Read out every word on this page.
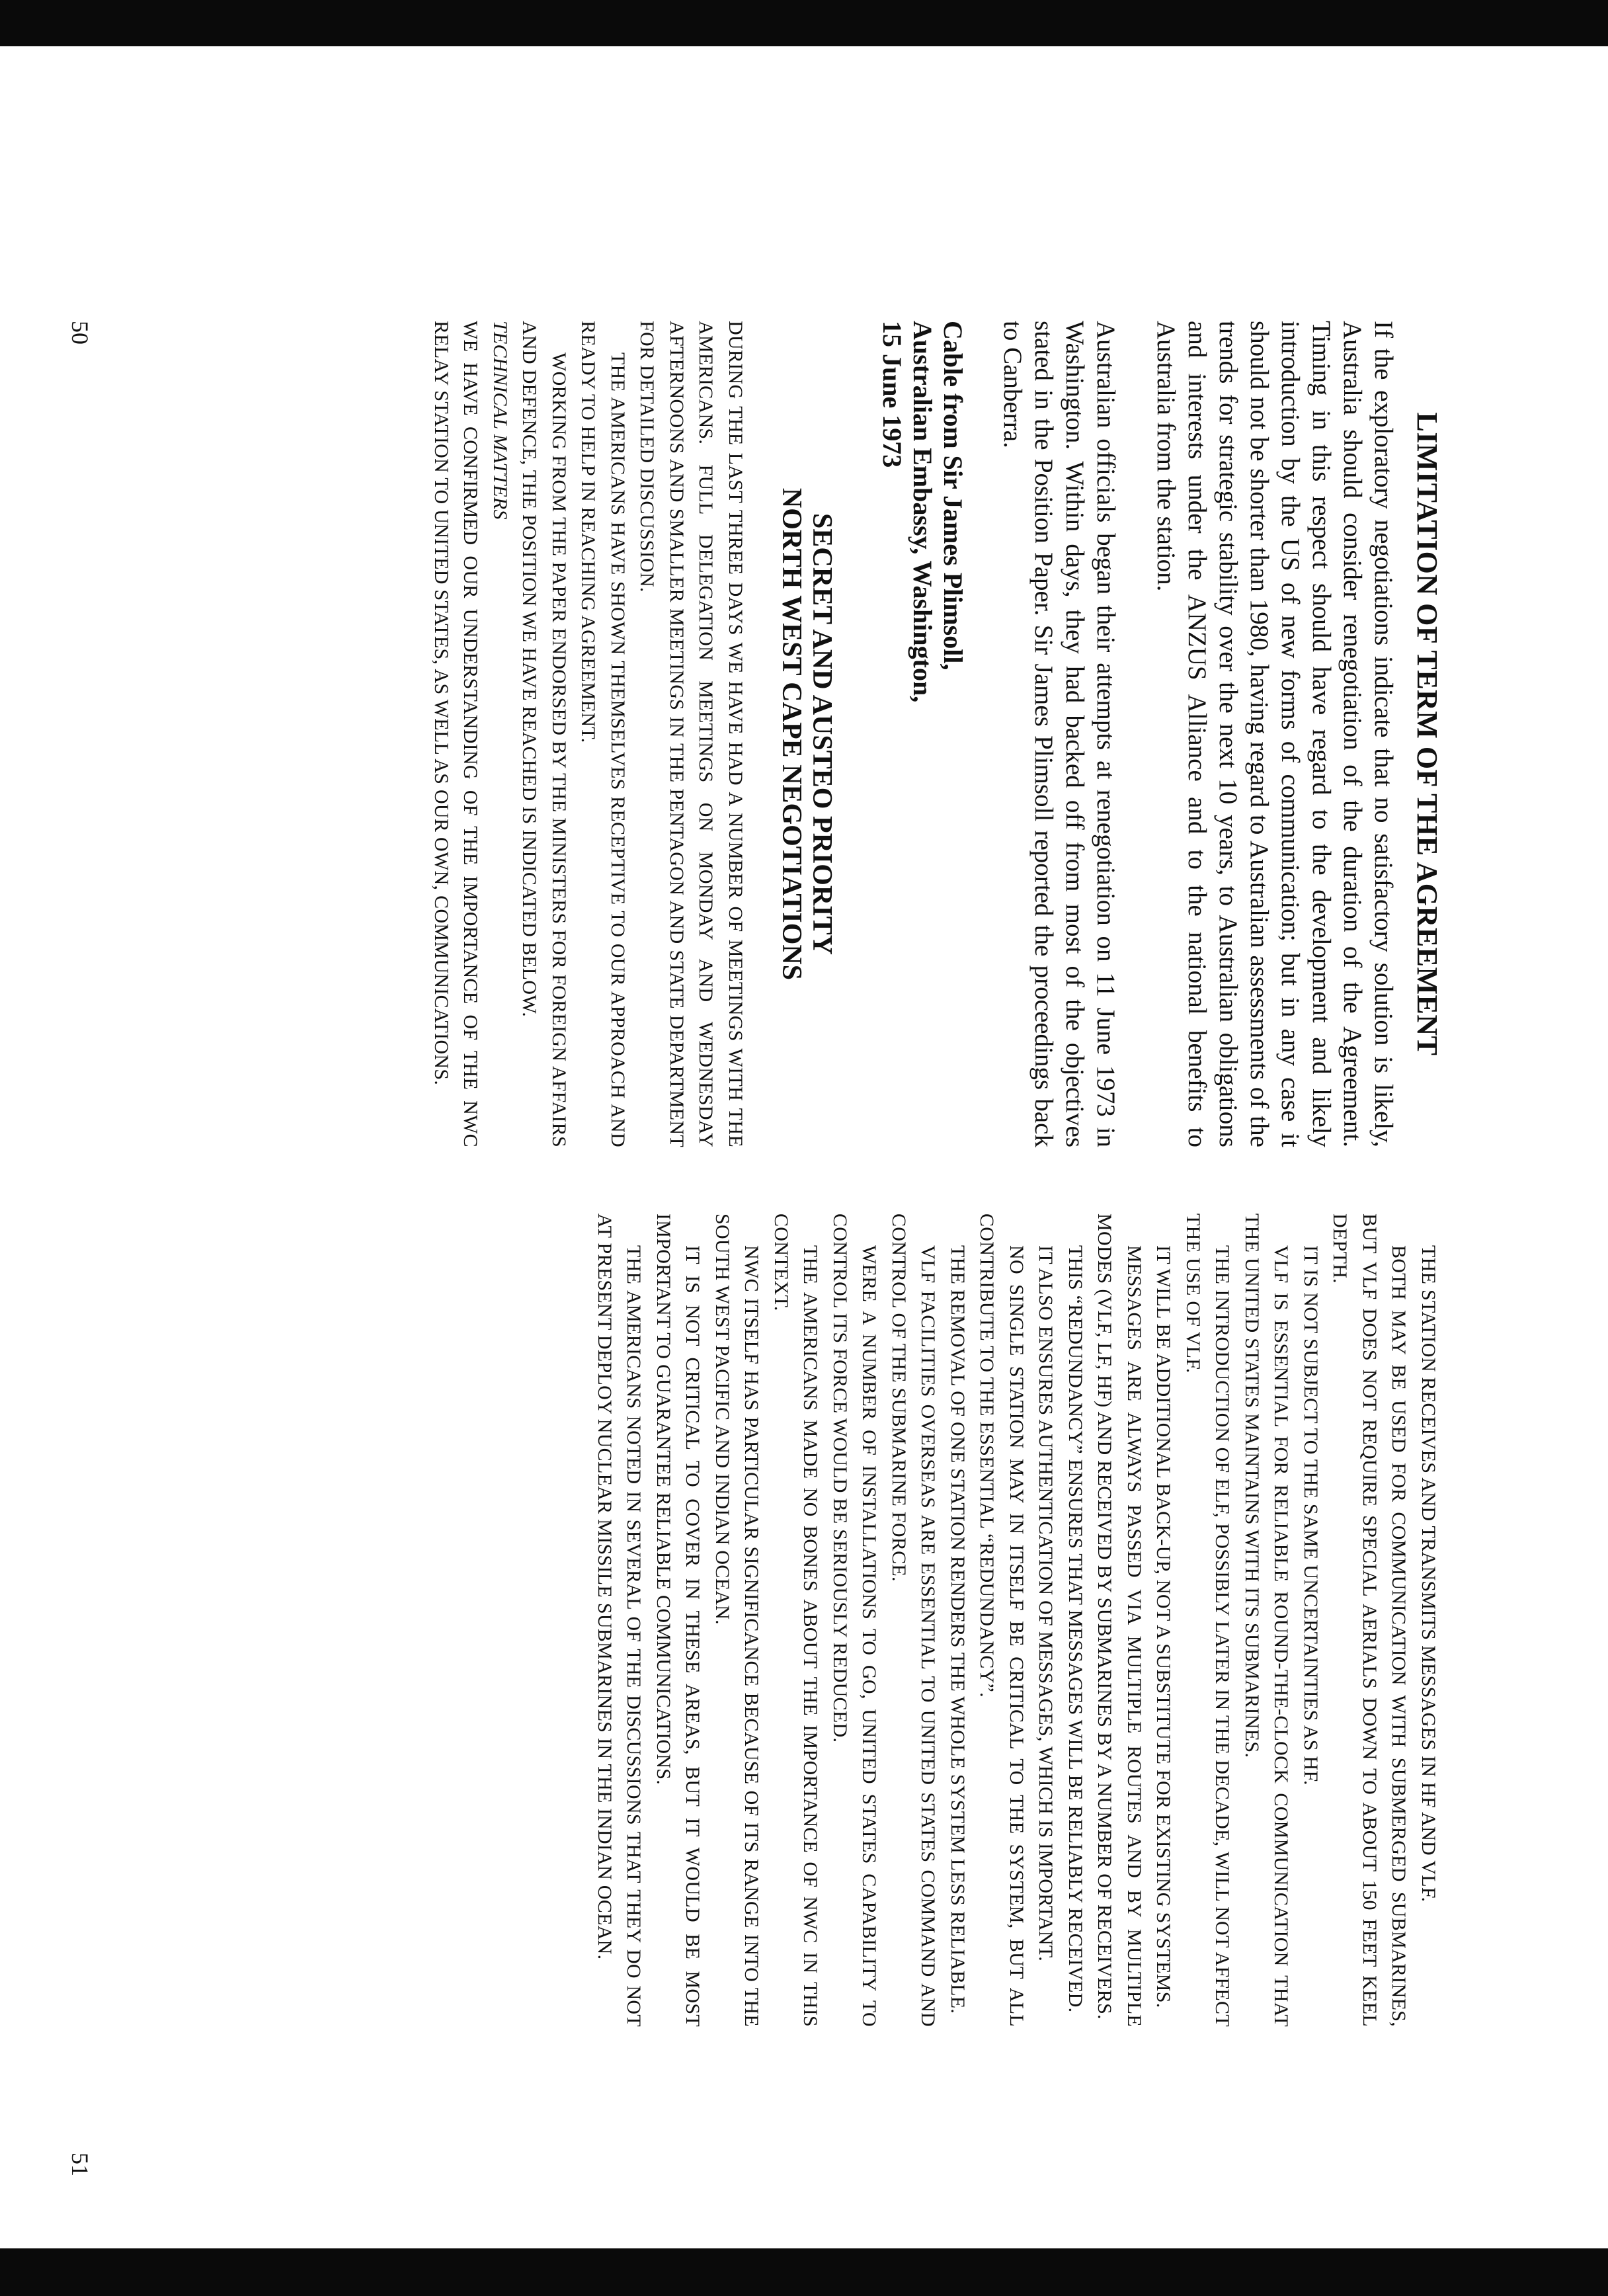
LIMITATION OF TERM OF THE AGREEMENT

If the exploratory negotiations indicate that no satisfactory solution is likely, Australia should consider renegotiation of the duration of the Agreement. Timing in this respect should have regard to the development and likely introduction by the US of new forms of communication; but in any case it should not be shorter than 1980, having regard to Australian assessments of the trends for strategic stability over the next 10 years, to Australian obligations and interests under the ANZUS Alliance and to the national benefits to Australia from the station.

Australian officials began their attempts at renegotiation on 11 June 1973 in Washington. Within days, they had backed off from most of the objectives stated in the Position Paper. Sir James Plimsoll reported the proceedings back to Canberra.

Cable from Sir James Plimsoll,
Australian Embassy, Washington,
15 June 1973
SECRET AND AUSTEO PRIORITY
NORTH WEST CAPE NEGOTIATIONS

DURING THE LAST THREE DAYS WE HAVE HAD A NUMBER OF MEETINGS WITH THE AMERICANS. FULL DELEGATION MEETINGS ON MONDAY AND WEDNESDAY AFTERNOONS AND SMALLER MEETINGS IN THE PENTAGON AND STATE DEPARTMENT FOR DETAILED DISCUSSION.

THE AMERICANS HAVE SHOWN THEMSELVES RECEPTIVE TO OUR APPROACH AND READY TO HELP IN REACHING AGREEMENT.

WORKING FROM THE PAPER ENDORSED BY THE MINISTERS FOR FOREIGN AFFAIRS AND DEFENCE, THE POSITION WE HAVE REACHED IS INDICATED BELOW.

TECHNICAL MATTERS

WE HAVE CONFIRMED OUR UNDERSTANDING OF THE IMPORTANCE OF THE NWC RELAY STATION TO UNITED STATES, AS WELL AS OUR OWN, COMMUNICATIONS.

50

THE STATION RECEIVES AND TRANSMITS MESSAGES IN HF AND VLF.

BOTH MAY BE USED FOR COMMUNICATION WITH SUBMERGED SUBMARINES, BUT VLF DOES NOT REQUIRE SPECIAL AERIALS DOWN TO ABOUT 150 FEET KEEL DEPTH.

IT IS NOT SUBJECT TO THE SAME UNCERTAINTIES AS HF.

VLF IS ESSENTIAL FOR RELIABLE ROUND-THE-CLOCK COMMUNICATION THAT THE UNITED STATES MAINTAINS WITH ITS SUBMARINES.

THE INTRODUCTION OF ELF, POSSIBLY LATER IN THE DECADE, WILL NOT AFFECT THE USE OF VLF.

IT WILL BE ADDITIONAL BACK-UP, NOT A SUBSTITUTE FOR EXISTING SYSTEMS.

MESSAGES ARE ALWAYS PASSED VIA MULTIPLE ROUTES AND BY MULTIPLE MODES (VLF, LF, HF) AND RECEIVED BY SUBMARINES BY A NUMBER OF RECEIVERS.

THIS “REDUNDANCY” ENSURES THAT MESSAGES WILL BE RELIABLY RECEIVED.

IT ALSO ENSURES AUTHENTICATION OF MESSAGES, WHICH IS IMPORTANT.

NO SINGLE STATION MAY IN ITSELF BE CRITICAL TO THE SYSTEM, BUT ALL CONTRIBUTE TO THE ESSENTIAL “REDUNDANCY”.

THE REMOVAL OF ONE STATION RENDERS THE WHOLE SYSTEM LESS RELIABLE.

VLF FACILITIES OVERSEAS ARE ESSENTIAL TO UNITED STATES COMMAND AND CONTROL OF THE SUBMARINE FORCE.

WERE A NUMBER OF INSTALLATIONS TO GO, UNITED STATES CAPABILITY TO CONTROL ITS FORCE WOULD BE SERIOUSLY REDUCED.

THE AMERICANS MADE NO BONES ABOUT THE IMPORTANCE OF NWC IN THIS CONTEXT.

NWC ITSELF HAS PARTICULAR SIGNIFICANCE BECAUSE OF ITS RANGE INTO THE SOUTH WEST PACIFIC AND INDIAN OCEAN.

IT IS NOT CRITICAL TO COVER IN THESE AREAS, BUT IT WOULD BE MOST IMPORTANT TO GUARANTEE RELIABLE COMMUNICATIONS.

THE AMERICANS NOTED IN SEVERAL OF THE DISCUSSIONS THAT THEY DO NOT AT PRESENT DEPLOY NUCLEAR MISSILE SUBMARINES IN THE INDIAN OCEAN.

51
